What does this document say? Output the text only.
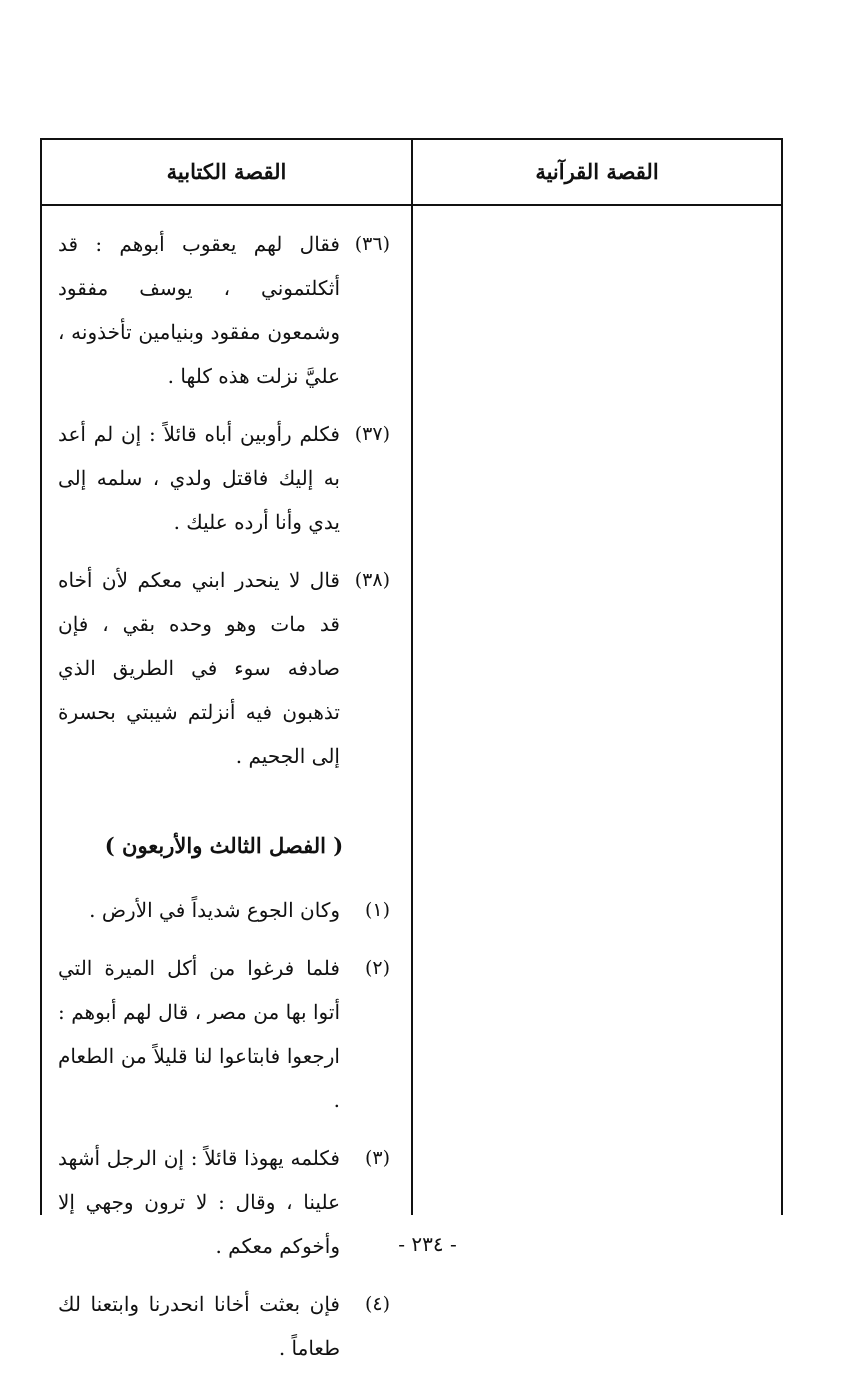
القصة الكتابية	القصة القرآنية
(٣٦)
فقال لهم يعقوب أبوهم : قد أثكلتموني ، يوسف مفقود وشمعون مفقود وبنيامين تأخذونه ، عليَّ نزلت هذه كلها .
(٣٧)
فكلم رأوبين أباه قائلاً : إن لم أعد به إليك فاقتل ولدي ، سلمه إلى يدي وأنا أرده عليك .
(٣٨)
قال لا ينحدر ابني معكم لأن أخاه قد مات وهو وحده بقي ، فإن صادفه سوء في الطريق الذي تذهبون فيه أنزلتم شيبتي بحسرة إلى الجحيم .
( الفصل الثالث والأربعون )
(١)
وكان الجوع شديداً في الأرض .
(٢)
فلما فرغوا من أكل الميرة التي أتوا بها من مصر ، قال لهم أبوهم : ارجعوا فابتاعوا لنا قليلاً من الطعام .
(٣)
فكلمه يهوذا قائلاً : إن الرجل أشهد علينا ، وقال : لا ترون وجهي إلا وأخوكم معكم .
(٤)
فإن بعثت أخانا انحدرنا وابتعنا لك طعاماً .
- ٢٣٤ -
